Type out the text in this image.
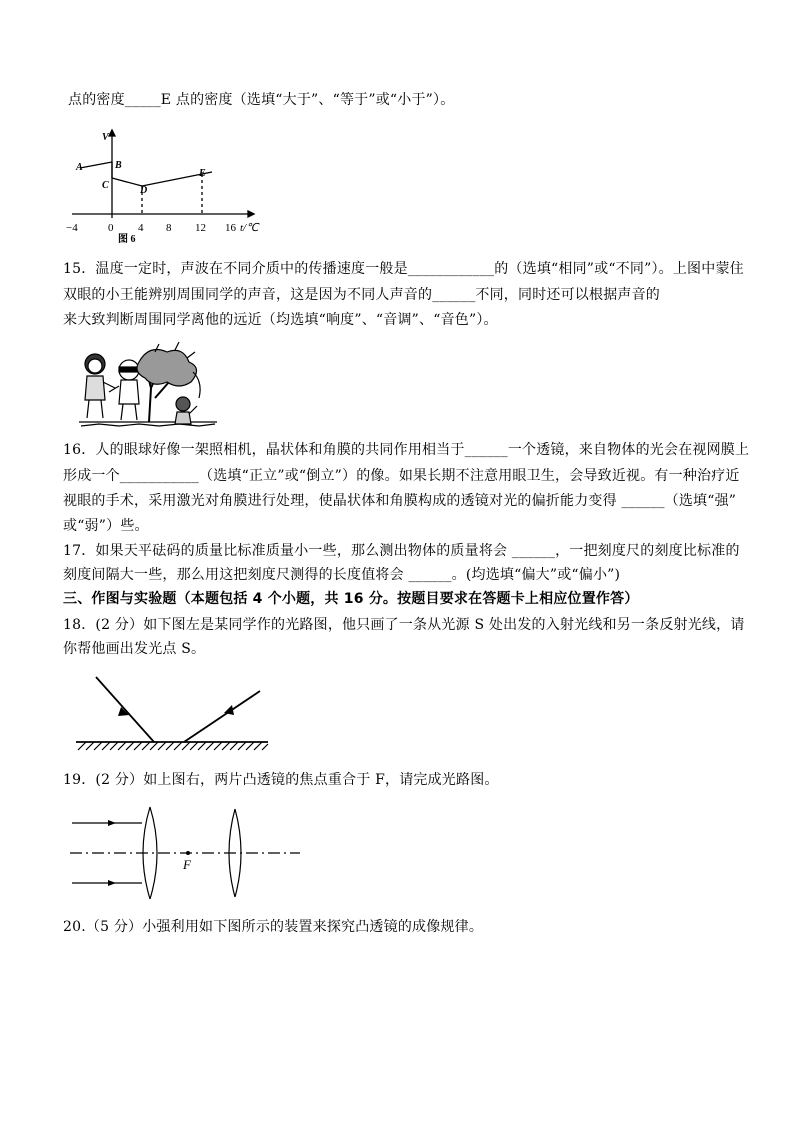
点的密度_____E 点的密度（选填“大于”、“等于”或“小于”）。
V
A	B
C	D
E
−4	0 4 8 12 16 t/℃
图 6
15．温度一定时，声波在不同介质中的传播速度一般是____________的（选填“相同”或“不同”）。上图中蒙住
双眼的小王能辨别周围同学的声音，这是因为不同人声音的______不同，同时还可以根据声音的
来大致判断周围同学离他的远近（均选填“响度”、“音调”、“音色”）。
16．人的眼球好像一架照相机，晶状体和角膜的共同作用相当于______一个透镜，来自物体的光会在视网膜上
形成一个___________（选填“正立”或“倒立”）的像。如果长期不注意用眼卫生，会导致近视。有一种治疗近
视眼的手术，采用激光对角膜进行处理，使晶状体和角膜构成的透镜对光的偏折能力变得 ______（选填“强”
或“弱”）些。
17．如果天平砝码的质量比标准质量小一些，那么测出物体的质量将会 ______，一把刻度尺的刻度比标准的
刻度间隔大一些，那么用这把刻度尺测得的长度值将会 ______。(均选填“偏大”或“偏小”)
三、作图与实验题（本题包括 4 个小题，共 16 分。按题目要求在答题卡上相应位置作答）
18．(2 分）如下图左是某同学作的光路图，他只画了一条从光源 S 处出发的入射光线和另一条反射光线，请
你帮他画出发光点 S。
19．(2 分）如上图右，两片凸透镜的焦点重合于 F，请完成光路图。
F
20.（5 分）小强利用如下图所示的装置来探究凸透镜的成像规律。
